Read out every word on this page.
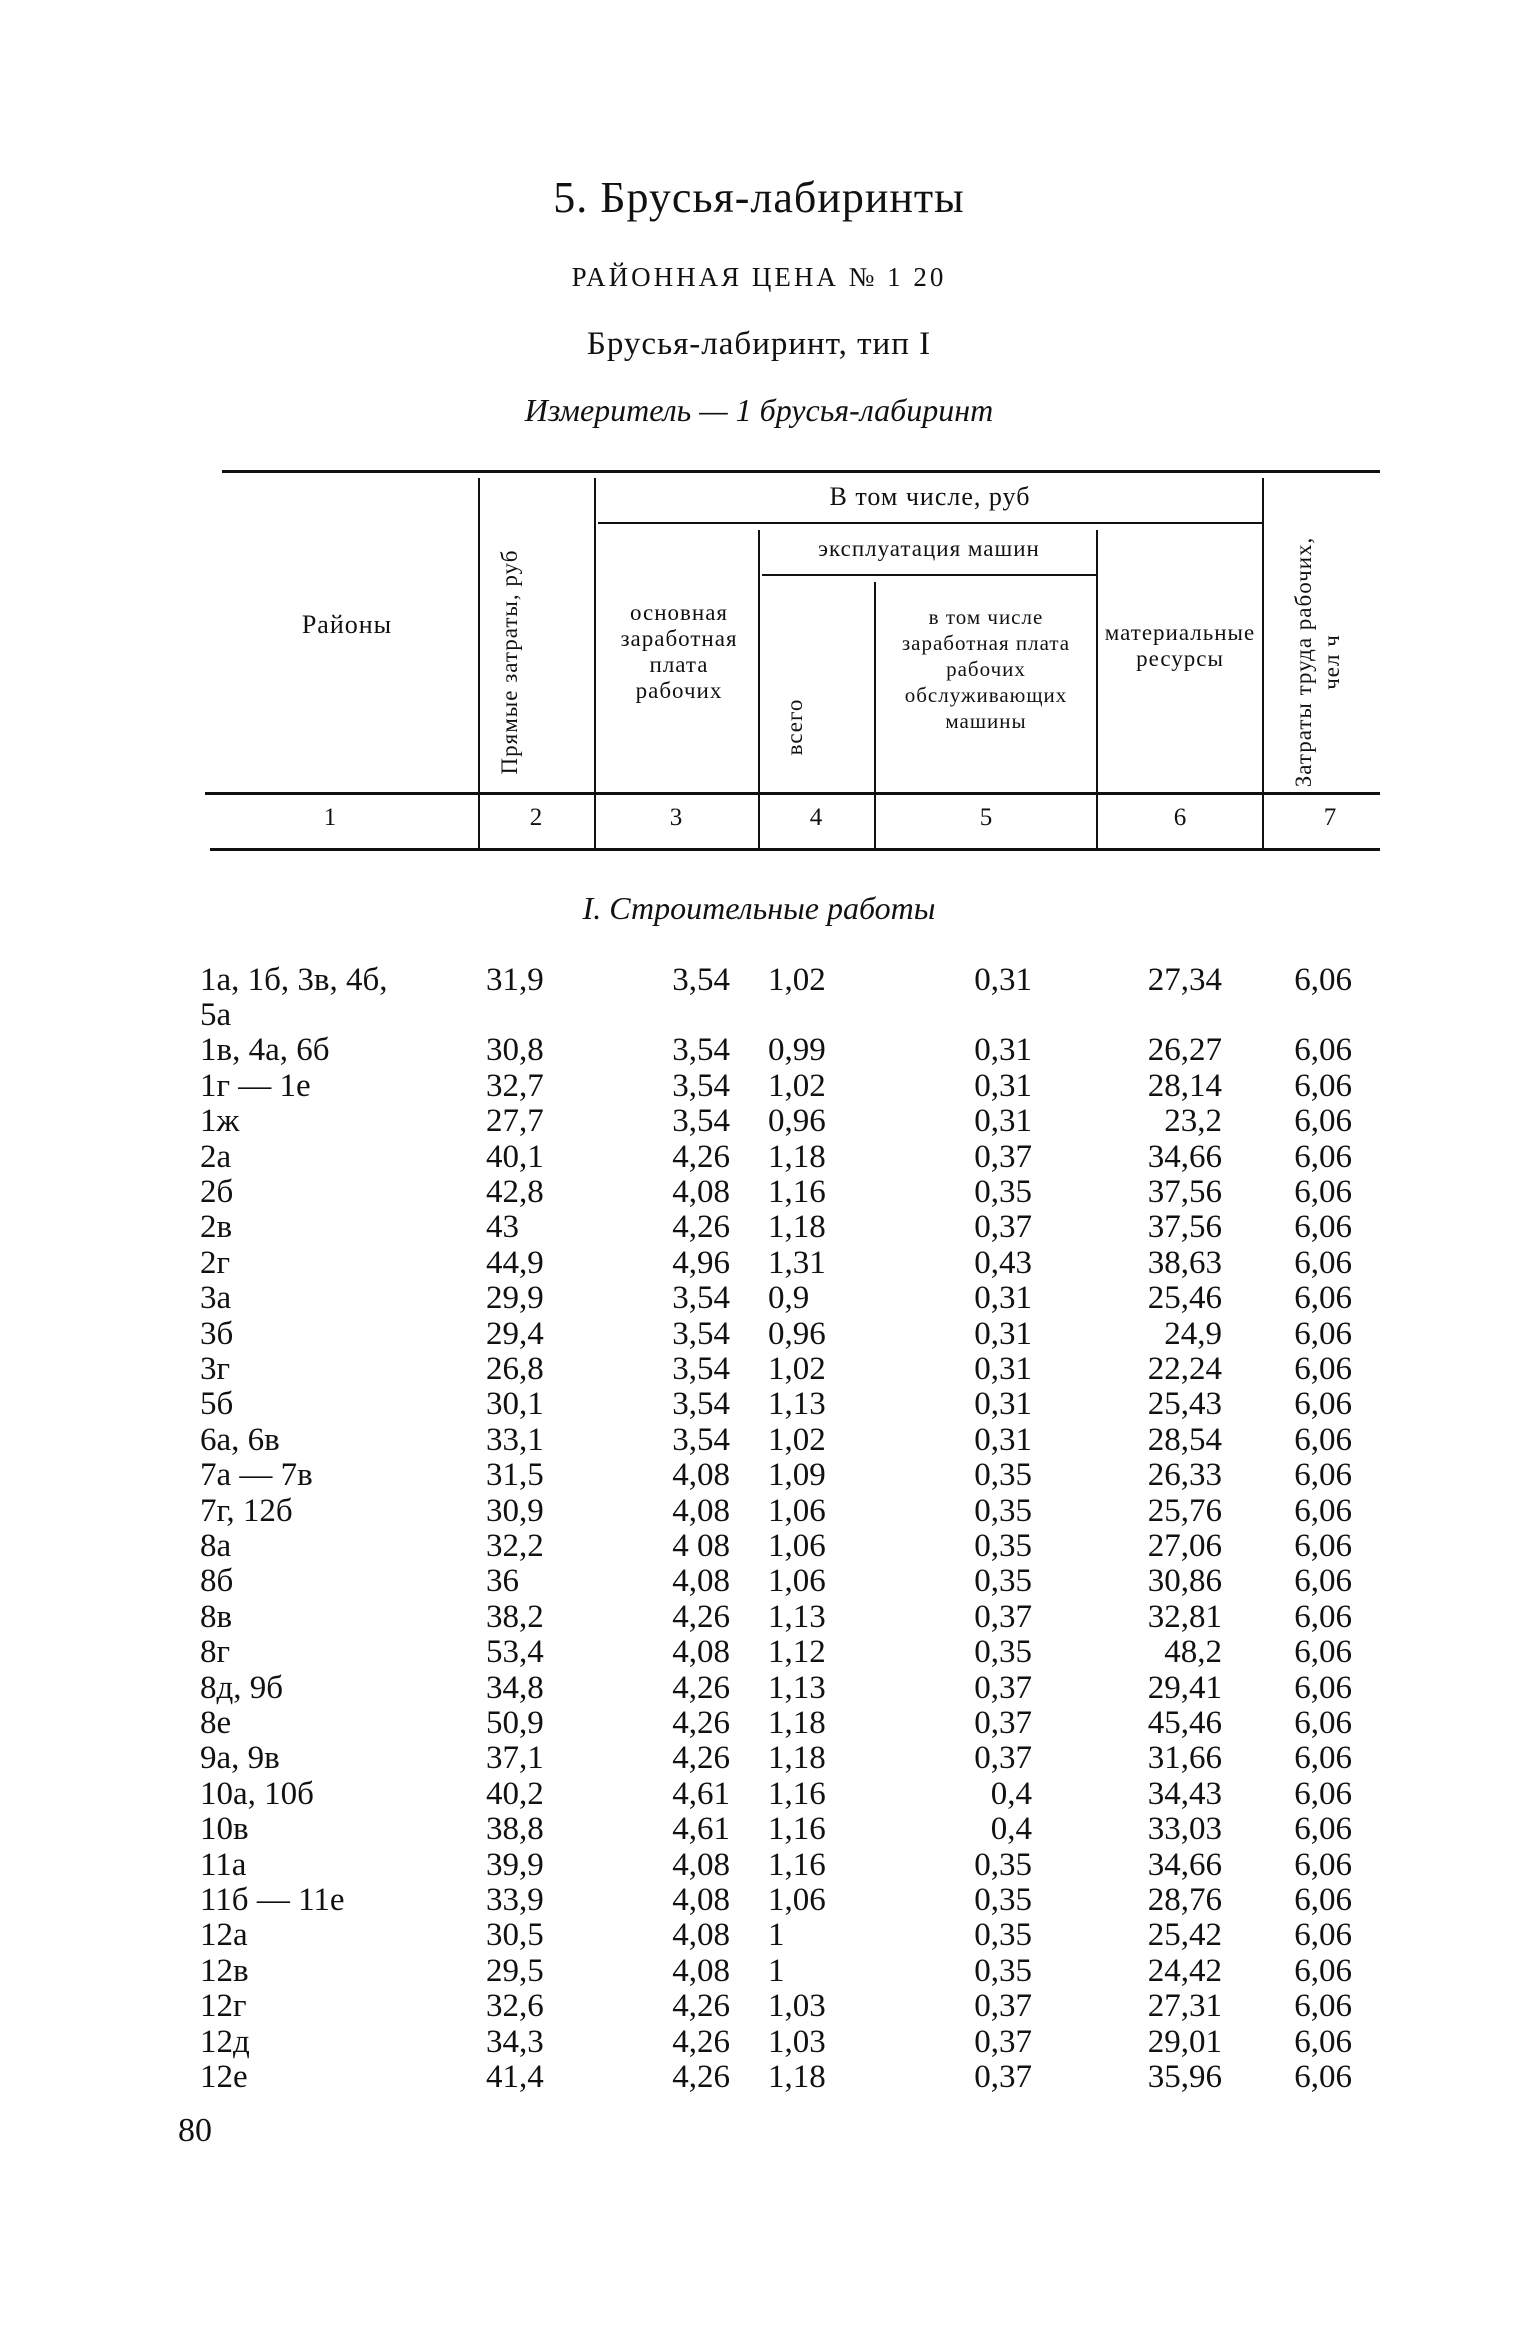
5. Брусья-лабиринты
РАЙОННАЯ ЦЕНА № 1 20
Брусья-лабиринт, тип I
Измеритель — 1 брусья-лабиринт
Районы	Прямые затраты, руб
В том числе, руб
основная заработная плата рабочих
эксплуатация машин
всего
в том числе заработная плата рабочих обслуживающих машины
материальные ресурсы	Затраты труда рабочих, чел ч
1	2	3	4	5	6	7
I. Строительные работы
1а, 1б, 3в, 4б,	31,9	3,54 1,02	0,31	27,34	6,06
5а
1в, 4а, 6б	30,8	3,54 0,99	0,31	26,27	6,06
1г — 1е	32,7	3,54 1,02	0,31	28,14	6,06
1ж	27,7	3,54 0,96	0,31	23,2	6,06
2а	40,1	4,26 1,18	0,37	34,66	6,06
2б	42,8	4,08 1,16	0,35	37,56	6,06
2в	43	4,26 1,18	0,37	37,56	6,06
2г	44,9	4,96 1,31	0,43	38,63	6,06
3а	29,9	3,54 0,9	0,31	25,46	6,06
3б	29,4	3,54 0,96	0,31	24,9	6,06
3г	26,8	3,54 1,02	0,31	22,24	6,06
5б	30,1	3,54 1,13	0,31	25,43	6,06
6а, 6в	33,1	3,54 1,02	0,31	28,54	6,06
7а — 7в	31,5	4,08 1,09	0,35	26,33	6,06
7г, 12б	30,9	4,08 1,06	0,35	25,76	6,06
8а	32,2	4 08 1,06	0,35	27,06	6,06
8б	36	4,08 1,06	0,35	30,86	6,06
8в	38,2	4,26 1,13	0,37	32,81	6,06
8г	53,4	4,08 1,12	0,35	48,2	6,06
8д, 9б	34,8	4,26 1,13	0,37	29,41	6,06
8е	50,9	4,26 1,18	0,37	45,46	6,06
9а, 9в	37,1	4,26 1,18	0,37	31,66	6,06
10а, 10б	40,2	4,61 1,16	0,4	34,43	6,06
10в	38,8	4,61 1,16	0,4	33,03	6,06
11а	39,9	4,08 1,16	0,35	34,66	6,06
11б — 11е	33,9	4,08 1,06	0,35	28,76	6,06
12а	30,5	4,08 1	0,35	25,42	6,06
12в	29,5	4,08 1	0,35	24,42	6,06
12г	32,6	4,26 1,03	0,37	27,31	6,06
12д	34,3	4,26 1,03	0,37	29,01	6,06
12е	41,4	4,26 1,18	0,37	35,96	6,06
80
